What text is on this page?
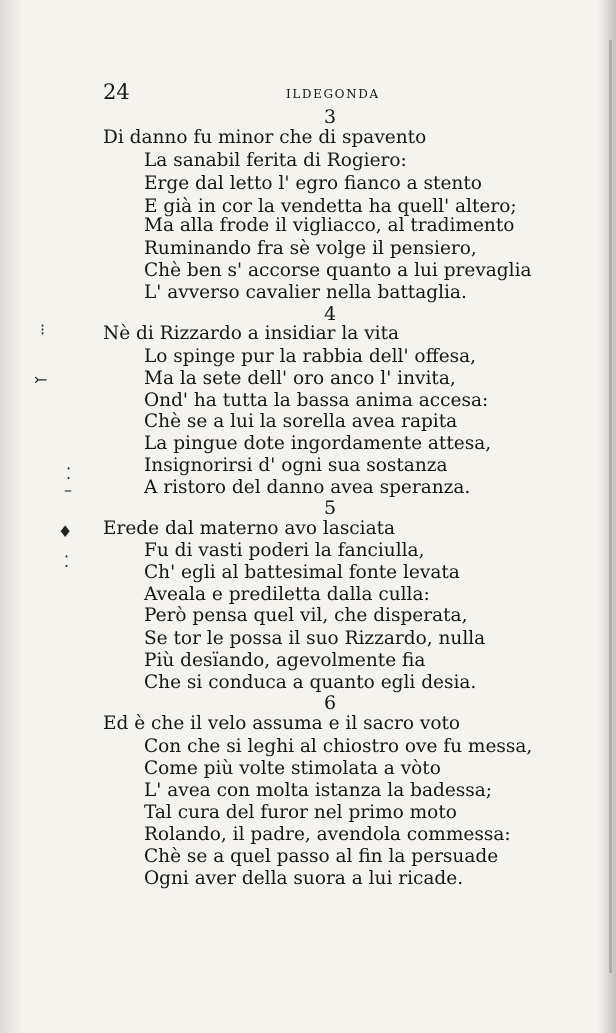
⁝
⤚
⁚
–
♦
⁚
24	ILDEGONDA
3
Di danno fu minor che di spavento
La sanabil ferita di Rogiero:
Erge dal letto l' egro fianco a stento
E già in cor la vendetta ha quell' altero;
Ma alla frode il vigliacco, al tradimento
Ruminando fra sè volge il pensiero,
Chè ben s' accorse quanto a lui prevaglia
L' avverso cavalier nella battaglia.
4
Nè di Rizzardo a insidiar la vita
Lo spinge pur la rabbia dell' offesa,
Ma la sete dell' oro anco l' invita,
Ond' ha tutta la bassa anima accesa:
Chè se a lui la sorella avea rapita
La pingue dote ingordamente attesa,
Insignorirsi d' ogni sua sostanza
A ristoro del danno avea speranza.
5
Erede dal materno avo lasciata
Fu di vasti poderi la fanciulla,
Ch' egli al battesimal fonte levata
Aveala e prediletta dalla culla:
Però pensa quel vil, che disperata,
Se tor le possa il suo Rizzardo, nulla
Più desïando, agevolmente fia
Che si conduca a quanto egli desia.
6
Ed è che il velo assuma e il sacro voto
Con che si leghi al chiostro ove fu messa,
Come più volte stimolata a vòto
L' avea con molta istanza la badessa;
Tal cura del furor nel primo moto
Rolando, il padre, avendola commessa:
Chè se a quel passo al fin la persuade
Ogni aver della suora a lui ricade.
